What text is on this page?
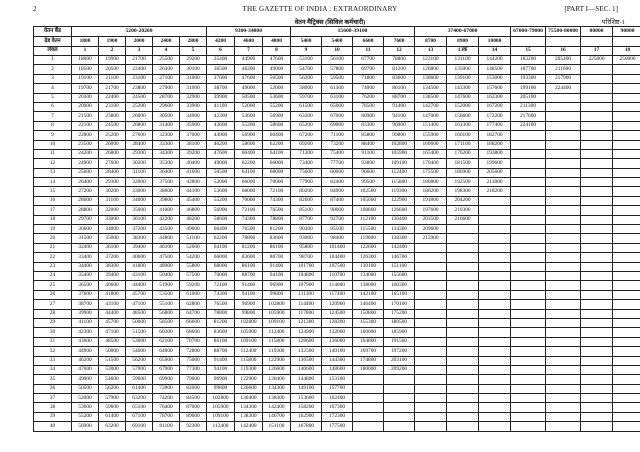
2	THE GAZETTE OF INDIA : EXTRAORDINARY	[PART I—SEC. 1]
वेतन मैट्रिक्स (सिविल कर्मचारी)	परिशिष्ट-1
वेतन बैंड	5200-20200					9300-34800			15600-39100				37400-67000			67000-79000	75500-80000	80000	90000
ग्रेड वेतन	1800	1900	2000	2400	2800	4200	4600	4800	5400	5400	6600	7600	8700	8900	10000				
लेवल	1	2	3	4	5	6	7	8	9	10	11	12	13	13क	14	15	16	17	18
1	18000	19900	21700	25500	29200	35400	44900	47600	53100	56100	67700	78800	123100	131100	144200	182200	205400	225000	250000
2	18500	20500	22400	26300	30100	36500	46200	49000	54700	57800	69700	81200	126800	135000	148500	187700	211600		
3	19100	21100	23100	27100	31000	37600	47600	50500	56300	59500	71800	83600	130600	139100	153000	193300	217900		
4	19700	21700	23800	27900	31900	38700	49000	52000	58000	61300	74000	86100	134500	143300	157600	199100	224400		
5	20300	22400	24500	28700	32900	39900	50500	53600	59700	63100	76200	88700	138500	147600	162300	205100			
6	20900	23100	25200	29600	33900	41100	52000	55200	61500	65000	78500	91400	142700	152000	167200	211300			
7	21500	23800	26000	30500	34900	42300	53600	56900	63300	67000	80900	94100	147000	156600	172200	217600			
8	22100	24500	26800	31400	35900	43600	55200	58600	65200	69000	83300	96900	151400	161300	177400	224100			
9	22800	25200	27600	32300	37000	44900	56900	60400	67200	71100	85800	99800	155900	166100	182700				
10	23500	26000	28400	33300	38100	46200	58600	62200	69200	73200	88400	102800	160600	171100	188200				
11	24200	26800	29300	34300	39200	47600	60400	64100	71300	75400	91100	105900	165400	176200	193800				
12	24900	27600	30200	35300	40400	49000	62200	66000	73400	77700	93800	109100	170400	181500	199600				
13	25600	28400	31100	36400	41600	50500	64100	68000	75600	80000	96600	112400	175500	186900	205600				
14	26400	29300	32000	37500	42800	52000	66000	70000	77900	82400	99500	115800	180800	192500	211800				
15	27200	30200	33000	38600	44100	53600	68000	72100	80200	84900	102500	119300	186200	198300	218200				
16	28000	31100	34000	39800	45400	55200	70000	74300	82600	87400	105600	122900	191800	204200					
17	28800	32000	35000	41000	46800	56900	72100	76500	85100	90000	108800	126600	197600	210300					
18	29700	33000	36100	42200	48200	58600	74300	78800	87700	92700	112100	130400	203500	216600					
19	30600	34000	37200	43500	49600	60400	76500	81200	90300	95500	115500	134300	209600						
20	31500	35000	38300	44800	51100	62200	78800	83600	93000	98400	119000	138300	215900						
21	32400	36100	39400	46100	52600	64100	81200	86100	95800	101400	122600	142400							
22	33400	37200	40600	47500	54200	66000	83600	88700	98700	104400	126300	146700							
23	34400	38300	41800	48900	55800	68000	86100	91400	101700	107500	130100	151100							
24	35400	39400	43100	50400	57500	70000	88700	94100	104800	110700	134000	155600							
25	36500	40600	44400	51900	59200	72100	91400	96900	107900	114000	138000	160300							
26	37600	41800	45700	53500	61000	74300	94100	99800	111100	117400	142100	165100							
27	38700	43100	47100	55100	62800	76500	96900	102800	114400	120900	146400	170100							
28	39900	44400	48500	56800	64700	78800	99800	105900	117800	124500	150800	175200							
29	41100	45700	50000	58500	66600	81200	102800	109100	121300	128200	155300	180500							
30	42300	47100	51500	60300	68600	83600	105900	112400	124900	132000	160000	185900							
31	43600	48500	53000	62100	70700	86100	109100	115800	128600	136000	164800	191500							
32	44900	50000	54600	64000	72800	88700	112400	119300	132500	140100	169700	197200							
33	46200	51500	56200	65900	75000	91400	115800	122900	136500	144300	174800	203100							
34	47600	53000	57900	67900	77300	94100	119300	126600	140600	148600	180000	209200							
35	49000	54600	59600	69900	79600	96900	122900	130400	144800	153100									
36	50500	56200	61400	72000	82000	99800	126600	134300	149100	157700									
37	52000	57900	63200	74200	84500	102800	130400	138300	153600	162400									
38	53600	59600	65100	76400	87000	105900	134300	142400	158200	167300									
39	55200	61400	67100	78700	89600	109100	138300	146700	162900	172300									
40	56900	63200	69100	81100	92300	112400	142400	151100	167800	177500									
